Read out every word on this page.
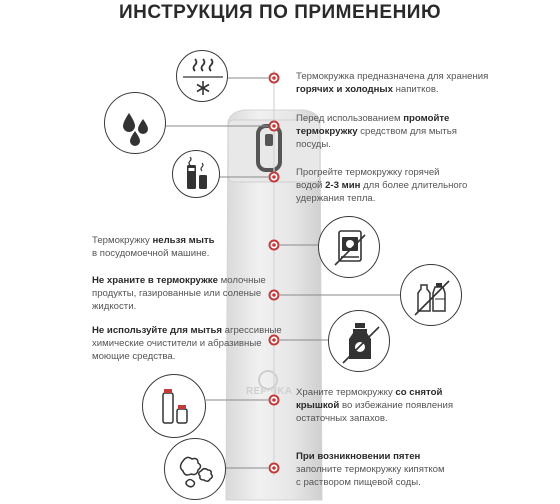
ИНСТРУКЦИЯ ПО ПРИМЕНЕНИЮ
REF··IKA
Термокружка предназначена для хранения
горячих и холодных напитков.
Перед использованием промойте
термокружку средством для мытья
посуды.
Прогрейте термокружку горячей
водой 2-3 мин для более длительного
удержания тепла.
Термокружку нельзя мыть
в посудомоечной машине.
Не храните в термокружке молочные
продукты, газированные или соленые
жидкости.
Не используйте для мытья агрессивные
химические очистители и абразивные
моющие средства.
Храните термокружку со снятой
крышкой во избежание появления
остаточных запахов.
При возникновении пятен
заполните термокружку кипятком
с раствором пищевой соды.
